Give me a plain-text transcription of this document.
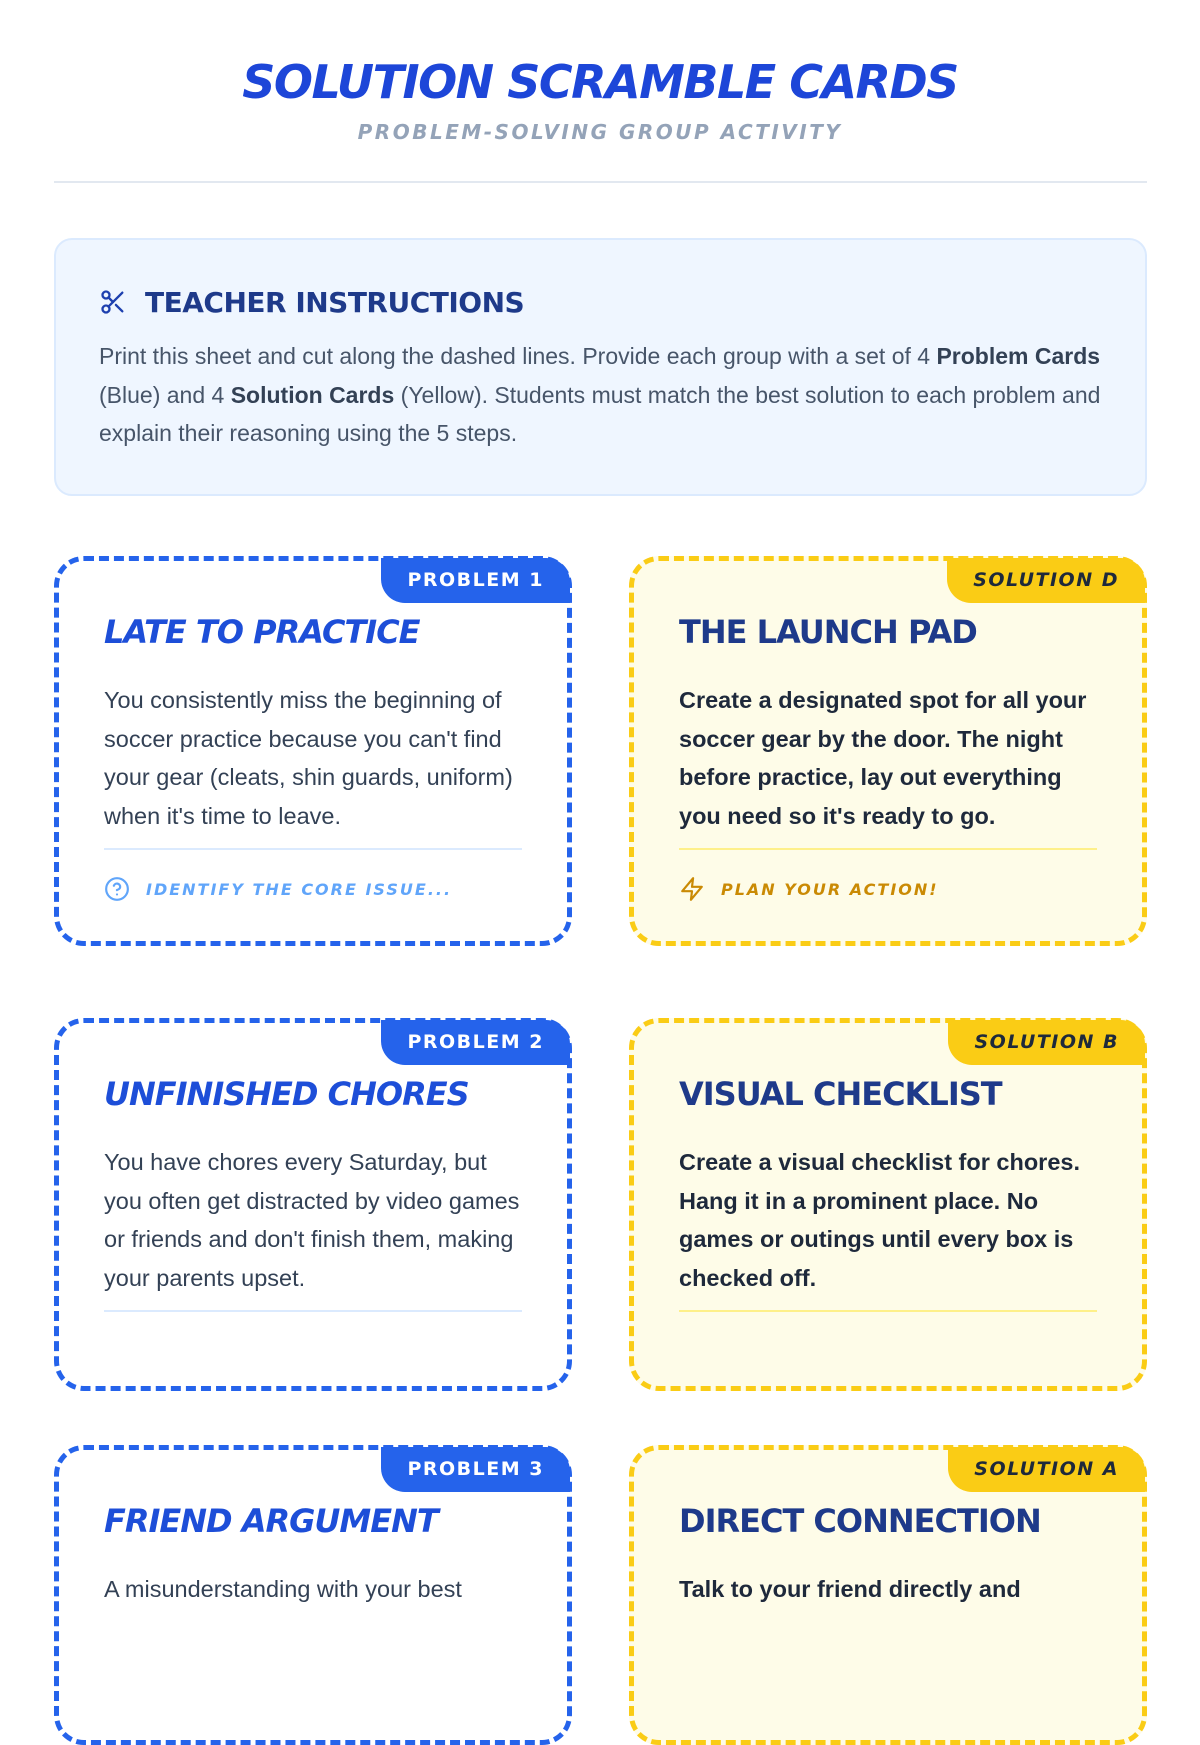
SOLUTION SCRAMBLE CARDS
PROBLEM-SOLVING GROUP ACTIVITY
TEACHER INSTRUCTIONS
Print this sheet and cut along the dashed lines. Provide each group with a set of 4 Problem Cards (Blue) and 4 Solution Cards (Yellow). Students must match the best solution to each problem and explain their reasoning using the 5 steps.
PROBLEM 1
LATE TO PRACTICE
You consistently miss the beginning of soccer practice because you can't find your gear (cleats, shin guards, uniform) when it's time to leave.
IDENTIFY THE CORE ISSUE...
SOLUTION D
THE LAUNCH PAD
Create a designated spot for all your soccer gear by the door. The night before practice, lay out everything you need so it's ready to go.
PLAN YOUR ACTION!
PROBLEM 2
UNFINISHED CHORES
You have chores every Saturday, but you often get distracted by video games or friends and don't finish them, making your parents upset.
SOLUTION B
VISUAL CHECKLIST
Create a visual checklist for chores. Hang it in a prominent place. No games or outings until every box is checked off.
PROBLEM 3
FRIEND ARGUMENT
A misunderstanding with your best
SOLUTION A
DIRECT CONNECTION
Talk to your friend directly and
